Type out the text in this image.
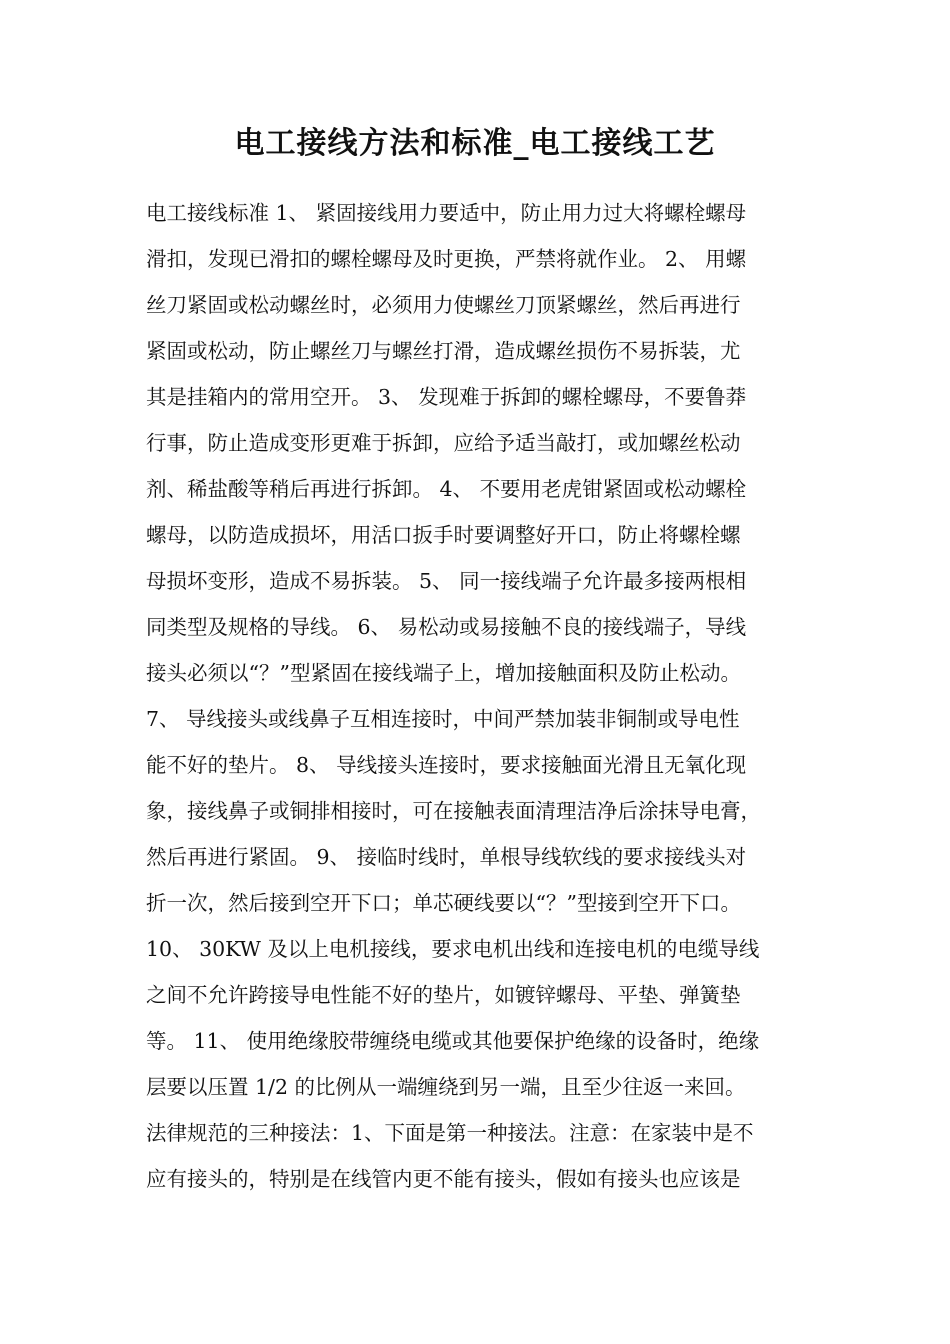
电工接线方法和标准_电工接线工艺
电工接线标准 1、 紧固接线用力要适中，防止用力过大将螺栓螺母
滑扣，发现已滑扣的螺栓螺母及时更换，严禁将就作业。 2、 用螺
丝刀紧固或松动螺丝时，必须用力使螺丝刀顶紧螺丝，然后再进行
紧固或松动，防止螺丝刀与螺丝打滑，造成螺丝损伤不易拆装，尤
其是挂箱内的常用空开。 3、 发现难于拆卸的螺栓螺母，不要鲁莽
行事，防止造成变形更难于拆卸，应给予适当敲打，或加螺丝松动
剂、稀盐酸等稍后再进行拆卸。 4、 不要用老虎钳紧固或松动螺栓
螺母，以防造成损坏，用活口扳手时要调整好开口，防止将螺栓螺
母损坏变形，造成不易拆装。 5、 同一接线端子允许最多接两根相
同类型及规格的导线。 6、 易松动或易接触不良的接线端子，导线
接头必须以“？”型紧固在接线端子上，增加接触面积及防止松动。
7、 导线接头或线鼻子互相连接时，中间严禁加装非铜制或导电性
能不好的垫片。 8、 导线接头连接时，要求接触面光滑且无氧化现
象，接线鼻子或铜排相接时，可在接触表面清理洁净后涂抹导电膏，
然后再进行紧固。 9、 接临时线时，单根导线软线的要求接线头对
折一次，然后接到空开下口；单芯硬线要以“？”型接到空开下口。
10、 30KW 及以上电机接线，要求电机出线和连接电机的电缆导线
之间不允许跨接导电性能不好的垫片，如镀锌螺母、平垫、弹簧垫
等。 11、 使用绝缘胶带缠绕电缆或其他要保护绝缘的设备时，绝缘
层要以压置 1/2 的比例从一端缠绕到另一端，且至少往返一来回。
法律规范的三种接法：1、下面是第一种接法。注意：在家装中是不
应有接头的，特别是在线管内更不能有接头，假如有接头也应该是
